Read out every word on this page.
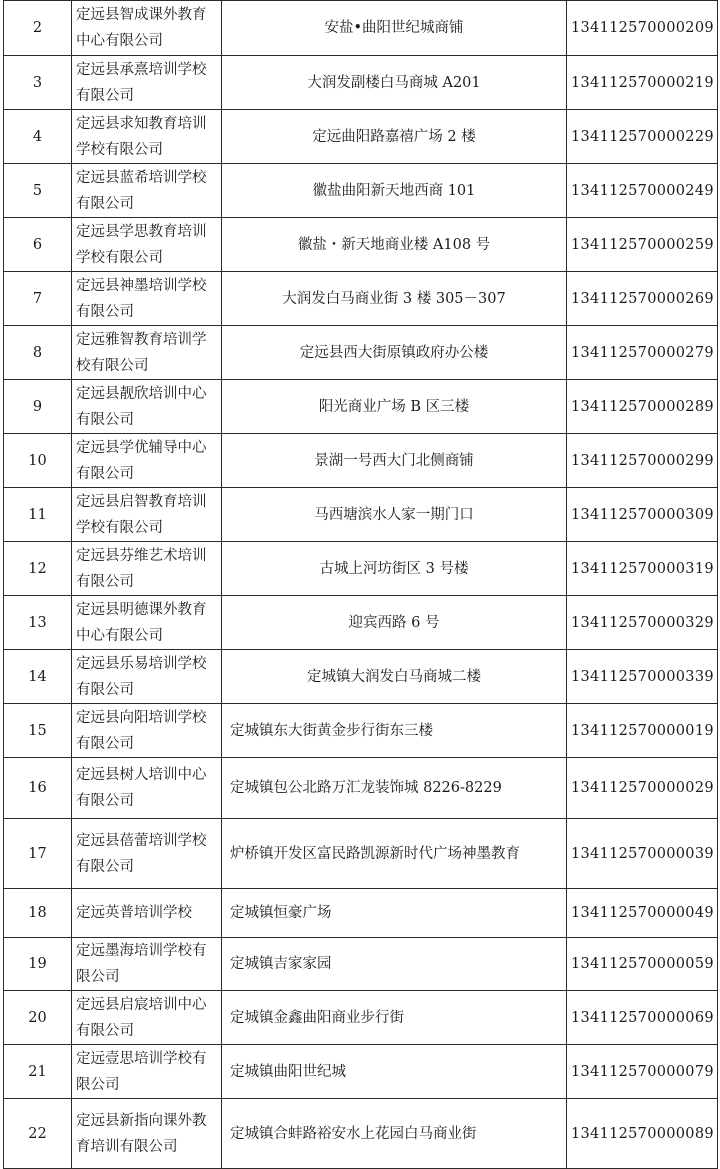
2	定远县智成课外教育中心有限公司	安盐•曲阳世纪城商铺	134112570000209
3	定远县承熹培训学校有限公司	大润发副楼白马商城 A201	134112570000219
4	定远县求知教育培训学校有限公司	定远曲阳路嘉禧广场 2 楼	134112570000229
5	定远县蓝希培训学校有限公司	徽盐曲阳新天地西商 101	134112570000249
6	定远县学思教育培训学校有限公司	徽盐・新天地商业楼 A108 号	134112570000259
7	定远县神墨培训学校有限公司	大润发白马商业街 3 楼 305－307	134112570000269
8	定远雅智教育培训学校有限公司	定远县西大街原镇政府办公楼	134112570000279
9	定远县靓欣培训中心有限公司	阳光商业广场 B 区三楼	134112570000289
10	定远县学优辅导中心有限公司	景湖一号西大门北侧商铺	134112570000299
11	定远县启智教育培训学校有限公司	马西塘滨水人家一期门口	134112570000309
12	定远县芬维艺术培训有限公司	古城上河坊街区 3 号楼	134112570000319
13	定远县明德课外教育中心有限公司	迎宾西路 6 号	134112570000329
14	定远县乐易培训学校有限公司	定城镇大润发白马商城二楼	134112570000339
15	定远县向阳培训学校有限公司	定城镇东大街黄金步行街东三楼	134112570000019
16	定远县树人培训中心有限公司	定城镇包公北路万汇龙装饰城 8226-8229	134112570000029
17	定远县蓓蕾培训学校有限公司	炉桥镇开发区富民路凯源新时代广场神墨教育	134112570000039
18	定远英普培训学校	定城镇恒豪广场	134112570000049
19	定远墨海培训学校有限公司	定城镇吉家家园	134112570000059
20	定远县启宸培训中心有限公司	定城镇金鑫曲阳商业步行街	134112570000069
21	定远壹思培训学校有限公司	定城镇曲阳世纪城	134112570000079
22	定远县新指向课外教育培训有限公司	定城镇合蚌路裕安水上花园白马商业街	134112570000089
